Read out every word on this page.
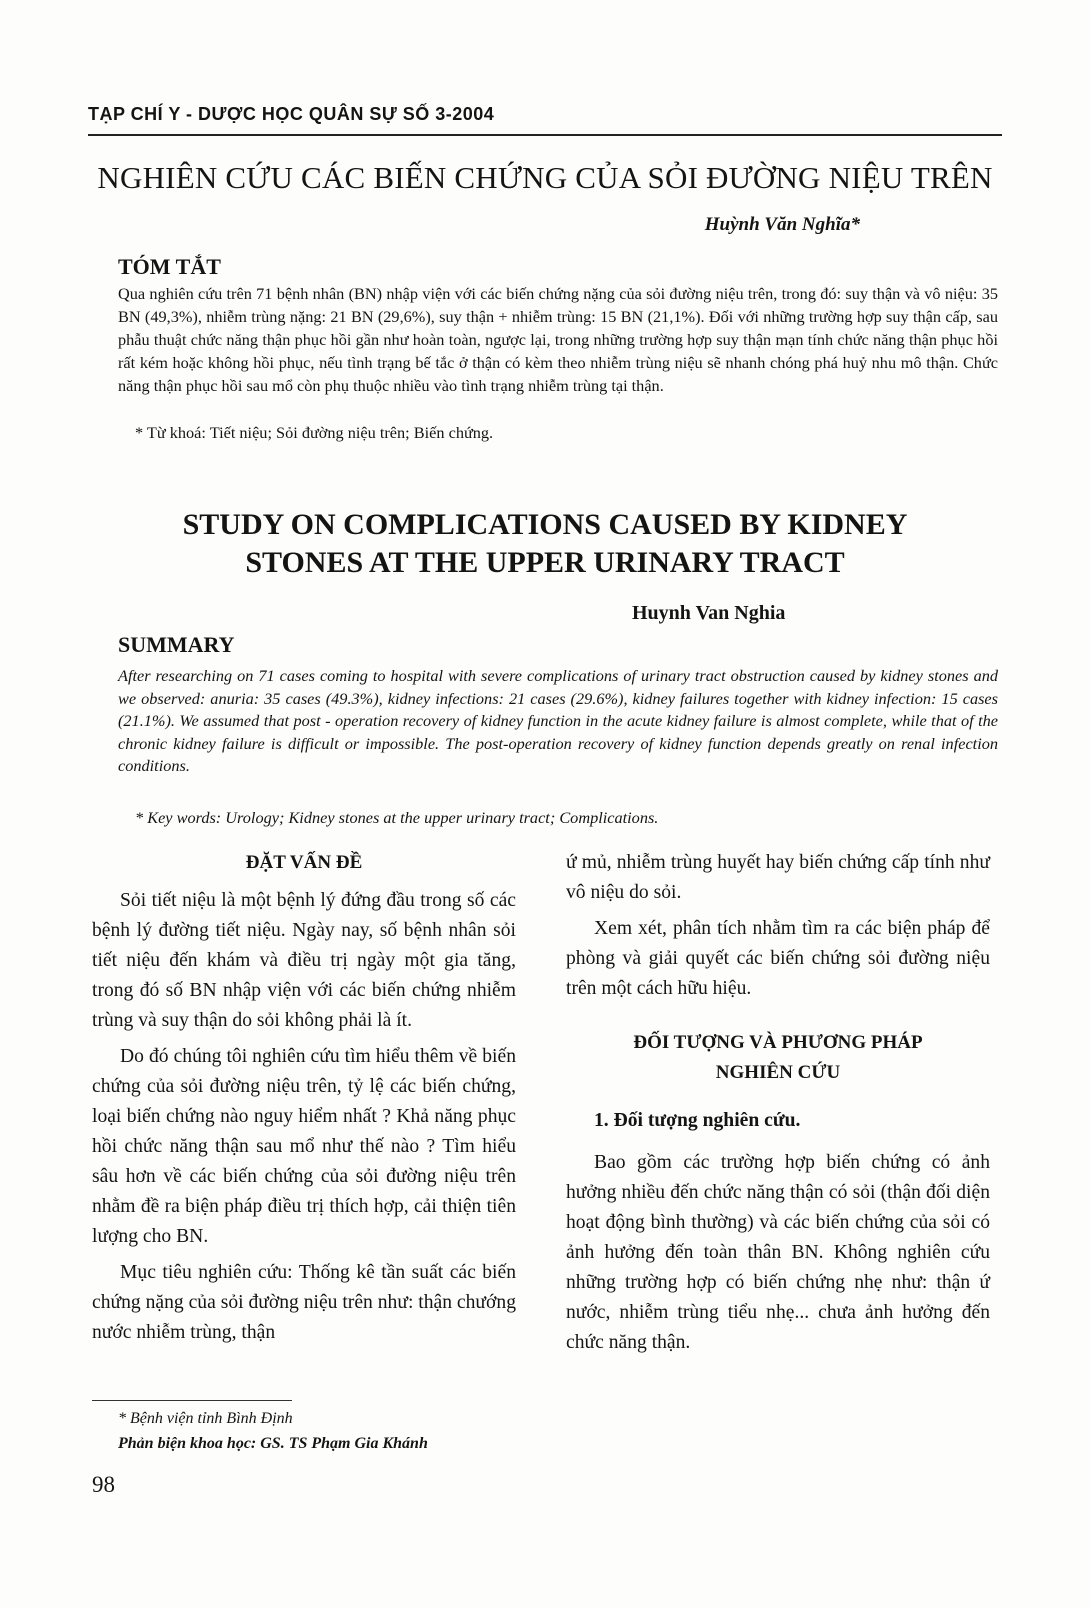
TẠP CHÍ Y - DƯỢC HỌC QUÂN SỰ SỐ 3-2004
NGHIÊN CỨU CÁC BIẾN CHỨNG CỦA SỎI ĐƯỜNG NIỆU TRÊN
Huỳnh Văn Nghĩa*
TÓM TẮT

Qua nghiên cứu trên 71 bệnh nhân (BN) nhập viện với các biến chứng nặng của sỏi đường niệu trên, trong đó: suy thận và vô niệu: 35 BN (49,3%), nhiễm trùng nặng: 21 BN (29,6%), suy thận + nhiễm trùng: 15 BN (21,1%). Đối với những trường hợp suy thận cấp, sau phẫu thuật chức năng thận phục hồi gần như hoàn toàn, ngược lại, trong những trường hợp suy thận mạn tính chức năng thận phục hồi rất kém hoặc không hồi phục, nếu tình trạng bế tắc ở thận có kèm theo nhiễm trùng niệu sẽ nhanh chóng phá huỷ nhu mô thận. Chức năng thận phục hồi sau mổ còn phụ thuộc nhiều vào tình trạng nhiễm trùng tại thận.

* Từ khoá: Tiết niệu; Sỏi đường niệu trên; Biến chứng.

STUDY ON COMPLICATIONS CAUSED BY KIDNEY
STONES AT THE UPPER URINARY TRACT
Huynh Van Nghia
SUMMARY

After researching on 71 cases coming to hospital with severe complications of urinary tract obstruction caused by kidney stones and we observed: anuria: 35 cases (49.3%), kidney infections: 21 cases (29.6%), kidney failures together with kidney infection: 15 cases (21.1%). We assumed that post - operation recovery of kidney function in the acute kidney failure is almost complete, while that of the chronic kidney failure is difficult or impossible. The post-operation recovery of kidney function depends greatly on renal infection conditions.

* Key words: Urology; Kidney stones at the upper urinary tract; Complications.

ĐẶT VẤN ĐỀ

Sỏi tiết niệu là một bệnh lý đứng đầu trong số các bệnh lý đường tiết niệu. Ngày nay, số bệnh nhân sỏi tiết niệu đến khám và điều trị ngày một gia tăng, trong đó số BN nhập viện với các biến chứng nhiễm trùng và suy thận do sỏi không phải là ít.

Do đó chúng tôi nghiên cứu tìm hiểu thêm về biến chứng của sỏi đường niệu trên, tỷ lệ các biến chứng, loại biến chứng nào nguy hiểm nhất ? Khả năng phục hồi chức năng thận sau mổ như thế nào ? Tìm hiểu sâu hơn về các biến chứng của sỏi đường niệu trên nhằm đề ra biện pháp điều trị thích hợp, cải thiện tiên lượng cho BN.

Mục tiêu nghiên cứu: Thống kê tần suất các biến chứng nặng của sỏi đường niệu trên như: thận chướng nước nhiễm trùng, thận

ứ mủ, nhiễm trùng huyết hay biến chứng cấp tính như vô niệu do sỏi.

Xem xét, phân tích nhằm tìm ra các biện pháp để phòng và giải quyết các biến chứng sỏi đường niệu trên một cách hữu hiệu.

ĐỐI TƯỢNG VÀ PHƯƠNG PHÁP
NGHIÊN CỨU

1. Đối tượng nghiên cứu.

Bao gồm các trường hợp biến chứng có ảnh hưởng nhiều đến chức năng thận có sỏi (thận đối diện hoạt động bình thường) và các biến chứng của sỏi có ảnh hưởng đến toàn thân BN. Không nghiên cứu những trường hợp có biến chứng nhẹ như: thận ứ nước, nhiễm trùng tiểu nhẹ... chưa ảnh hưởng đến chức năng thận.

* Bệnh viện tỉnh Bình Định
Phản biện khoa học: GS. TS Phạm Gia Khánh
98
